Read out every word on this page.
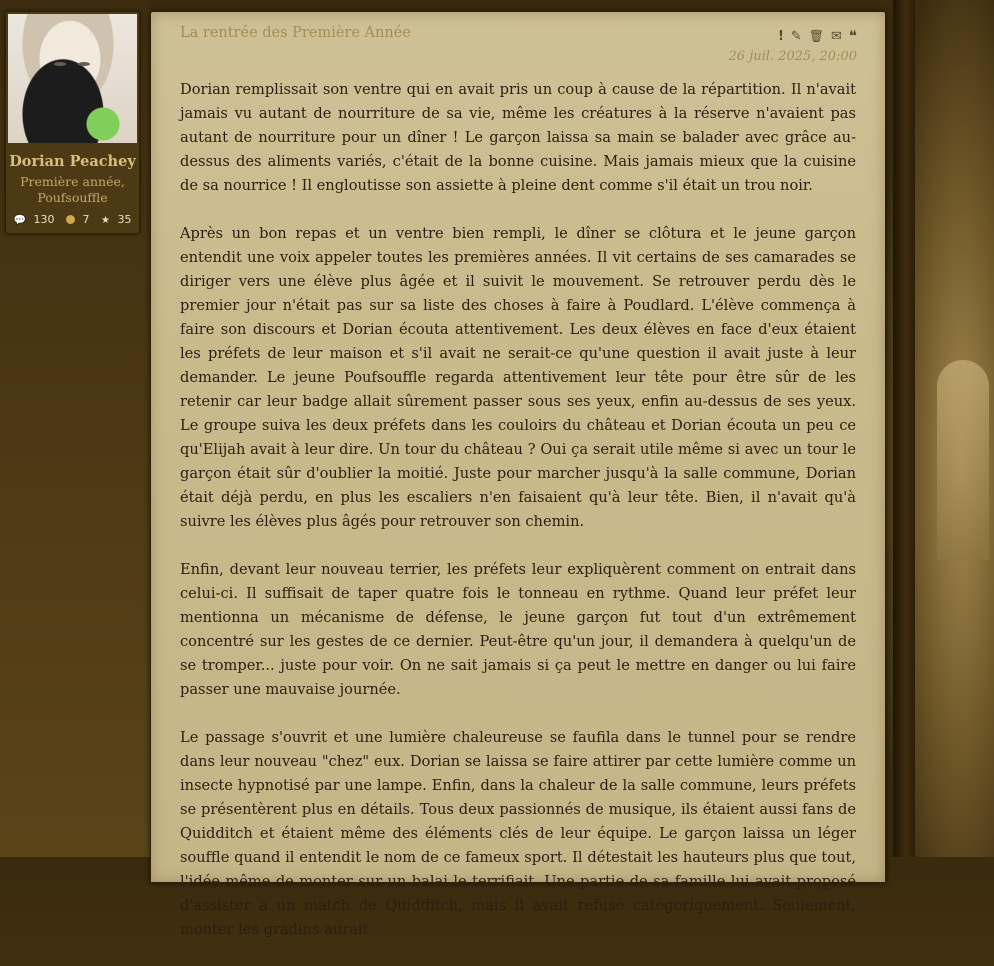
Dorian Peachey
Première année,
Poufsouffle
💬 130	7 ★ 35
La rentrée des Première Année	! ✎ 🗑 ✉ ❝
26 juil. 2025, 20:00

Dorian remplissait son ventre qui en avait pris un coup à cause de la répartition. Il n'avait jamais vu autant de nourriture de sa vie, même les créatures à la réserve n'avaient pas autant de nourriture pour un dîner ! Le garçon laissa sa main se balader avec grâce au-dessus des aliments variés, c'était de la bonne cuisine. Mais jamais mieux que la cuisine de sa nourrice ! Il engloutisse son assiette à pleine dent comme s'il était un trou noir.

Après un bon repas et un ventre bien rempli, le dîner se clôtura et le jeune garçon entendit une voix appeler toutes les premières années. Il vit certains de ses camarades se diriger vers une élève plus âgée et il suivit le mouvement. Se retrouver perdu dès le premier jour n'était pas sur sa liste des choses à faire à Poudlard. L'élève commença à faire son discours et Dorian écouta attentivement. Les deux élèves en face d'eux étaient les préfets de leur maison et s'il avait ne serait-ce qu'une question il avait juste à leur demander. Le jeune Poufsouffle regarda attentivement leur tête pour être sûr de les retenir car leur badge allait sûrement passer sous ses yeux, enfin au-dessus de ses yeux. Le groupe suiva les deux préfets dans les couloirs du château et Dorian écouta un peu ce qu'Elijah avait à leur dire. Un tour du château ? Oui ça serait utile même si avec un tour le garçon était sûr d'oublier la moitié. Juste pour marcher jusqu'à la salle commune, Dorian était déjà perdu, en plus les escaliers n'en faisaient qu'à leur tête. Bien, il n'avait qu'à suivre les élèves plus âgés pour retrouver son chemin.

Enfin, devant leur nouveau terrier, les préfets leur expliquèrent comment on entrait dans celui-ci. Il suffisait de taper quatre fois le tonneau en rythme. Quand leur préfet leur mentionna un mécanisme de défense, le jeune garçon fut tout d'un extrêmement concentré sur les gestes de ce dernier. Peut-être qu'un jour, il demandera à quelqu'un de se tromper... juste pour voir. On ne sait jamais si ça peut le mettre en danger ou lui faire passer une mauvaise journée.

Le passage s'ouvrit et une lumière chaleureuse se faufila dans le tunnel pour se rendre dans leur nouveau "chez" eux. Dorian se laissa se faire attirer par cette lumière comme un insecte hypnotisé par une lampe. Enfin, dans la chaleur de la salle commune, leurs préfets se présentèrent plus en détails. Tous deux passionnés de musique, ils étaient aussi fans de Quidditch et étaient même des éléments clés de leur équipe. Le garçon laissa un léger souffle quand il entendit le nom de ce fameux sport. Il détestait les hauteurs plus que tout, l'idée même de monter sur un balai le terrifiait. Une partie de sa famille lui avait proposé d'assister à un match de Quidditch, mais il avait refusé catégoriquement. Seulement, monter les gradins aurait
